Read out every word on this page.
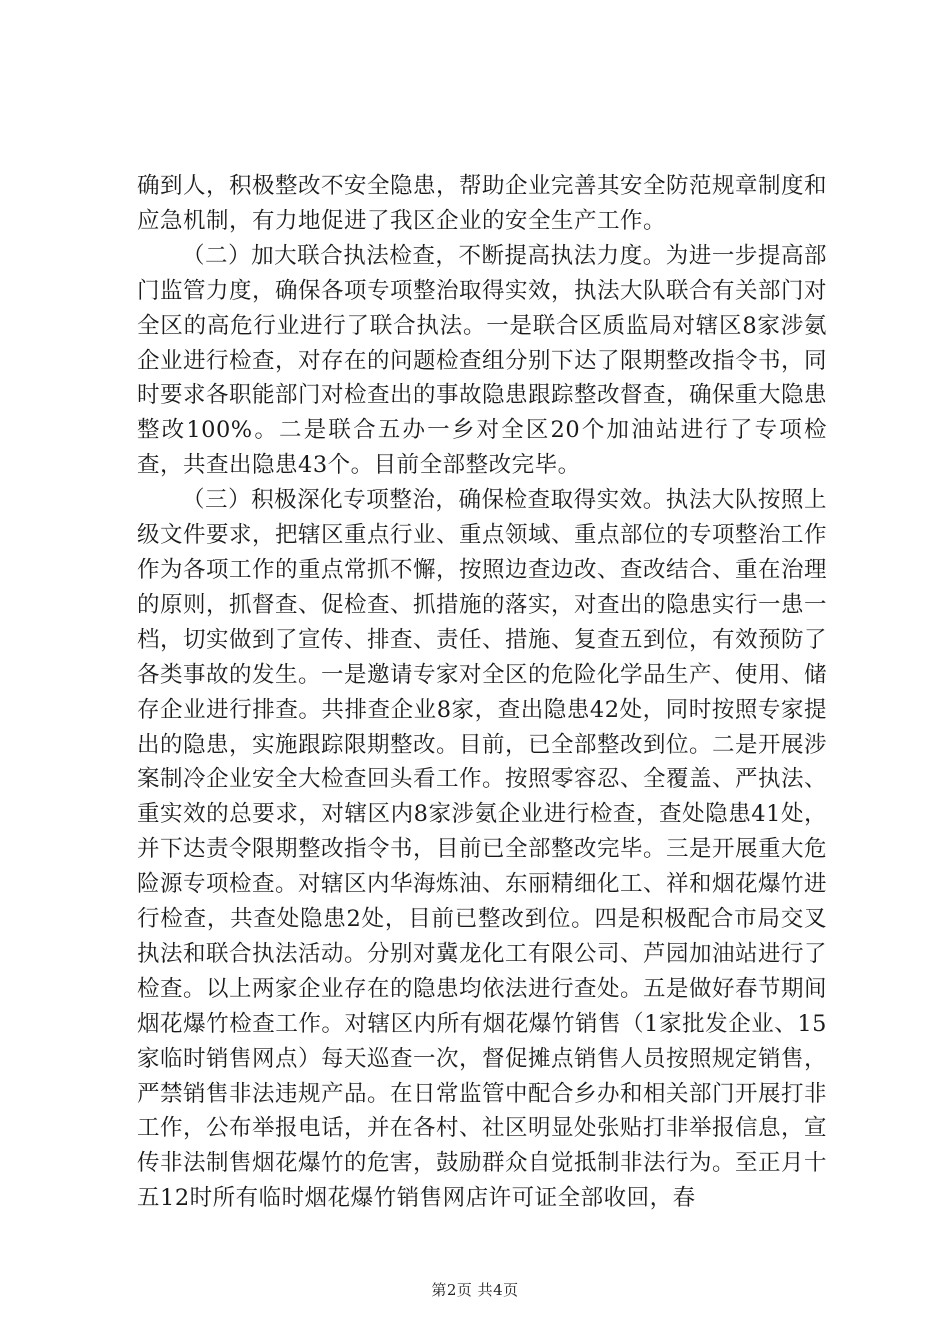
确到人，积极整改不安全隐患，帮助企业完善其安全防范规章制度和应急机制，有力地促进了我区企业的安全生产工作。

（二）加大联合执法检查，不断提高执法力度。为进一步提高部门监管力度，确保各项专项整治取得实效，执法大队联合有关部门对全区的高危行业进行了联合执法。一是联合区质监局对辖区8家涉氨企业进行检查，对存在的问题检查组分别下达了限期整改指令书，同时要求各职能部门对检查出的事故隐患跟踪整改督查，确保重大隐患整改100%。二是联合五办一乡对全区20个加油站进行了专项检查，共查出隐患43个。目前全部整改完毕。

（三）积极深化专项整治，确保检查取得实效。执法大队按照上级文件要求，把辖区重点行业、重点领域、重点部位的专项整治工作作为各项工作的重点常抓不懈，按照边查边改、查改结合、重在治理的原则，抓督查、促检查、抓措施的落实，对查出的隐患实行一患一档，切实做到了宣传、排查、责任、措施、复查五到位，有效预防了各类事故的发生。一是邀请专家对全区的危险化学品生产、使用、储存企业进行排查。共排查企业8家，查出隐患42处，同时按照专家提出的隐患，实施跟踪限期整改。目前，已全部整改到位。二是开展涉案制冷企业安全大检查回头看工作。按照零容忍、全覆盖、严执法、重实效的总要求，对辖区内8家涉氨企业进行检查，查处隐患41处，并下达责令限期整改指令书，目前已全部整改完毕。三是开展重大危险源专项检查。对辖区内华海炼油、东丽精细化工、祥和烟花爆竹进行检查，共查处隐患2处，目前已整改到位。四是积极配合市局交叉执法和联合执法活动。分别对冀龙化工有限公司、芦园加油站进行了检查。以上两家企业存在的隐患均依法进行查处。五是做好春节期间烟花爆竹检查工作。对辖区内所有烟花爆竹销售（1家批发企业、15家临时销售网点）每天巡查一次，督促摊点销售人员按照规定销售，严禁销售非法违规产品。在日常监管中配合乡办和相关部门开展打非工作，公布举报电话，并在各村、社区明显处张贴打非举报信息，宣传非法制售烟花爆竹的危害，鼓励群众自觉抵制非法行为。至正月十五12时所有临时烟花爆竹销售网店许可证全部收回，春

第2页 共4页
